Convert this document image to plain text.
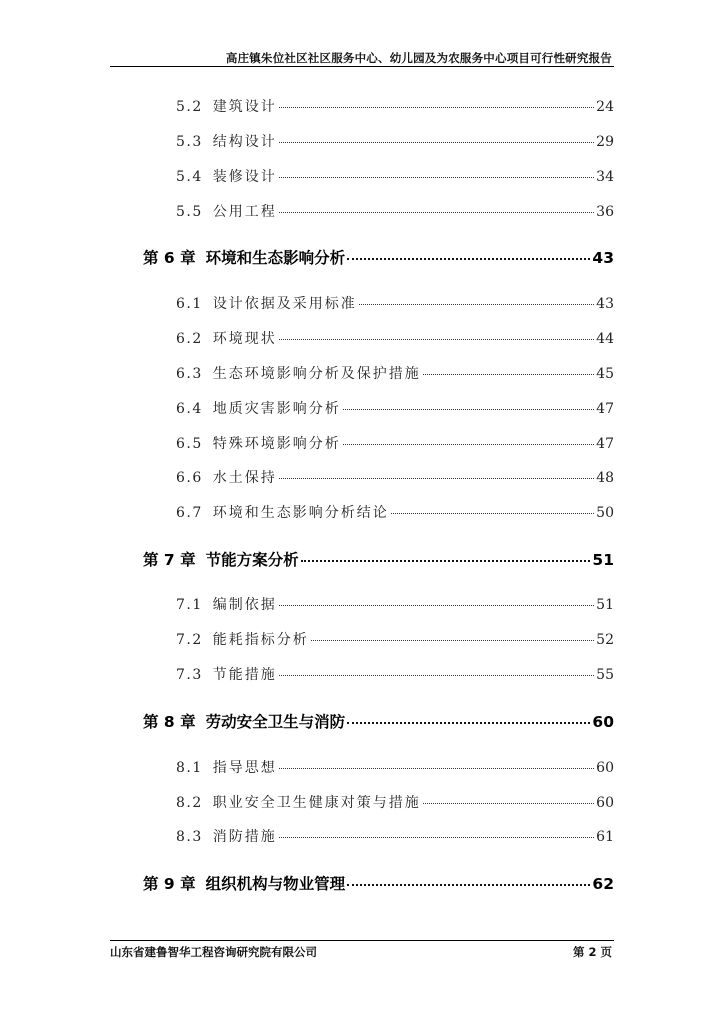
高庄镇朱位社区社区服务中心、幼儿园及为农服务中心项目可行性研究报告
5.2 建筑设计	24
5.3 结构设计	29
5.4 装修设计	34
5.5 公用工程	36
第 6 章 环境和生态影响分析	43
6.1 设计依据及采用标准	43
6.2 环境现状	44
6.3 生态环境影响分析及保护措施	45
6.4 地质灾害影响分析	47
6.5 特殊环境影响分析	47
6.6 水土保持	48
6.7 环境和生态影响分析结论	50
第 7 章 节能方案分析	51
7.1 编制依据	51
7.2 能耗指标分析	52
7.3 节能措施	55
第 8 章 劳动安全卫生与消防	60
8.1 指导思想	60
8.2 职业安全卫生健康对策与措施	60
8.3 消防措施	61
第 9 章 组织机构与物业管理	62
山东省建鲁智华工程咨询研究院有限公司	第 2 页
